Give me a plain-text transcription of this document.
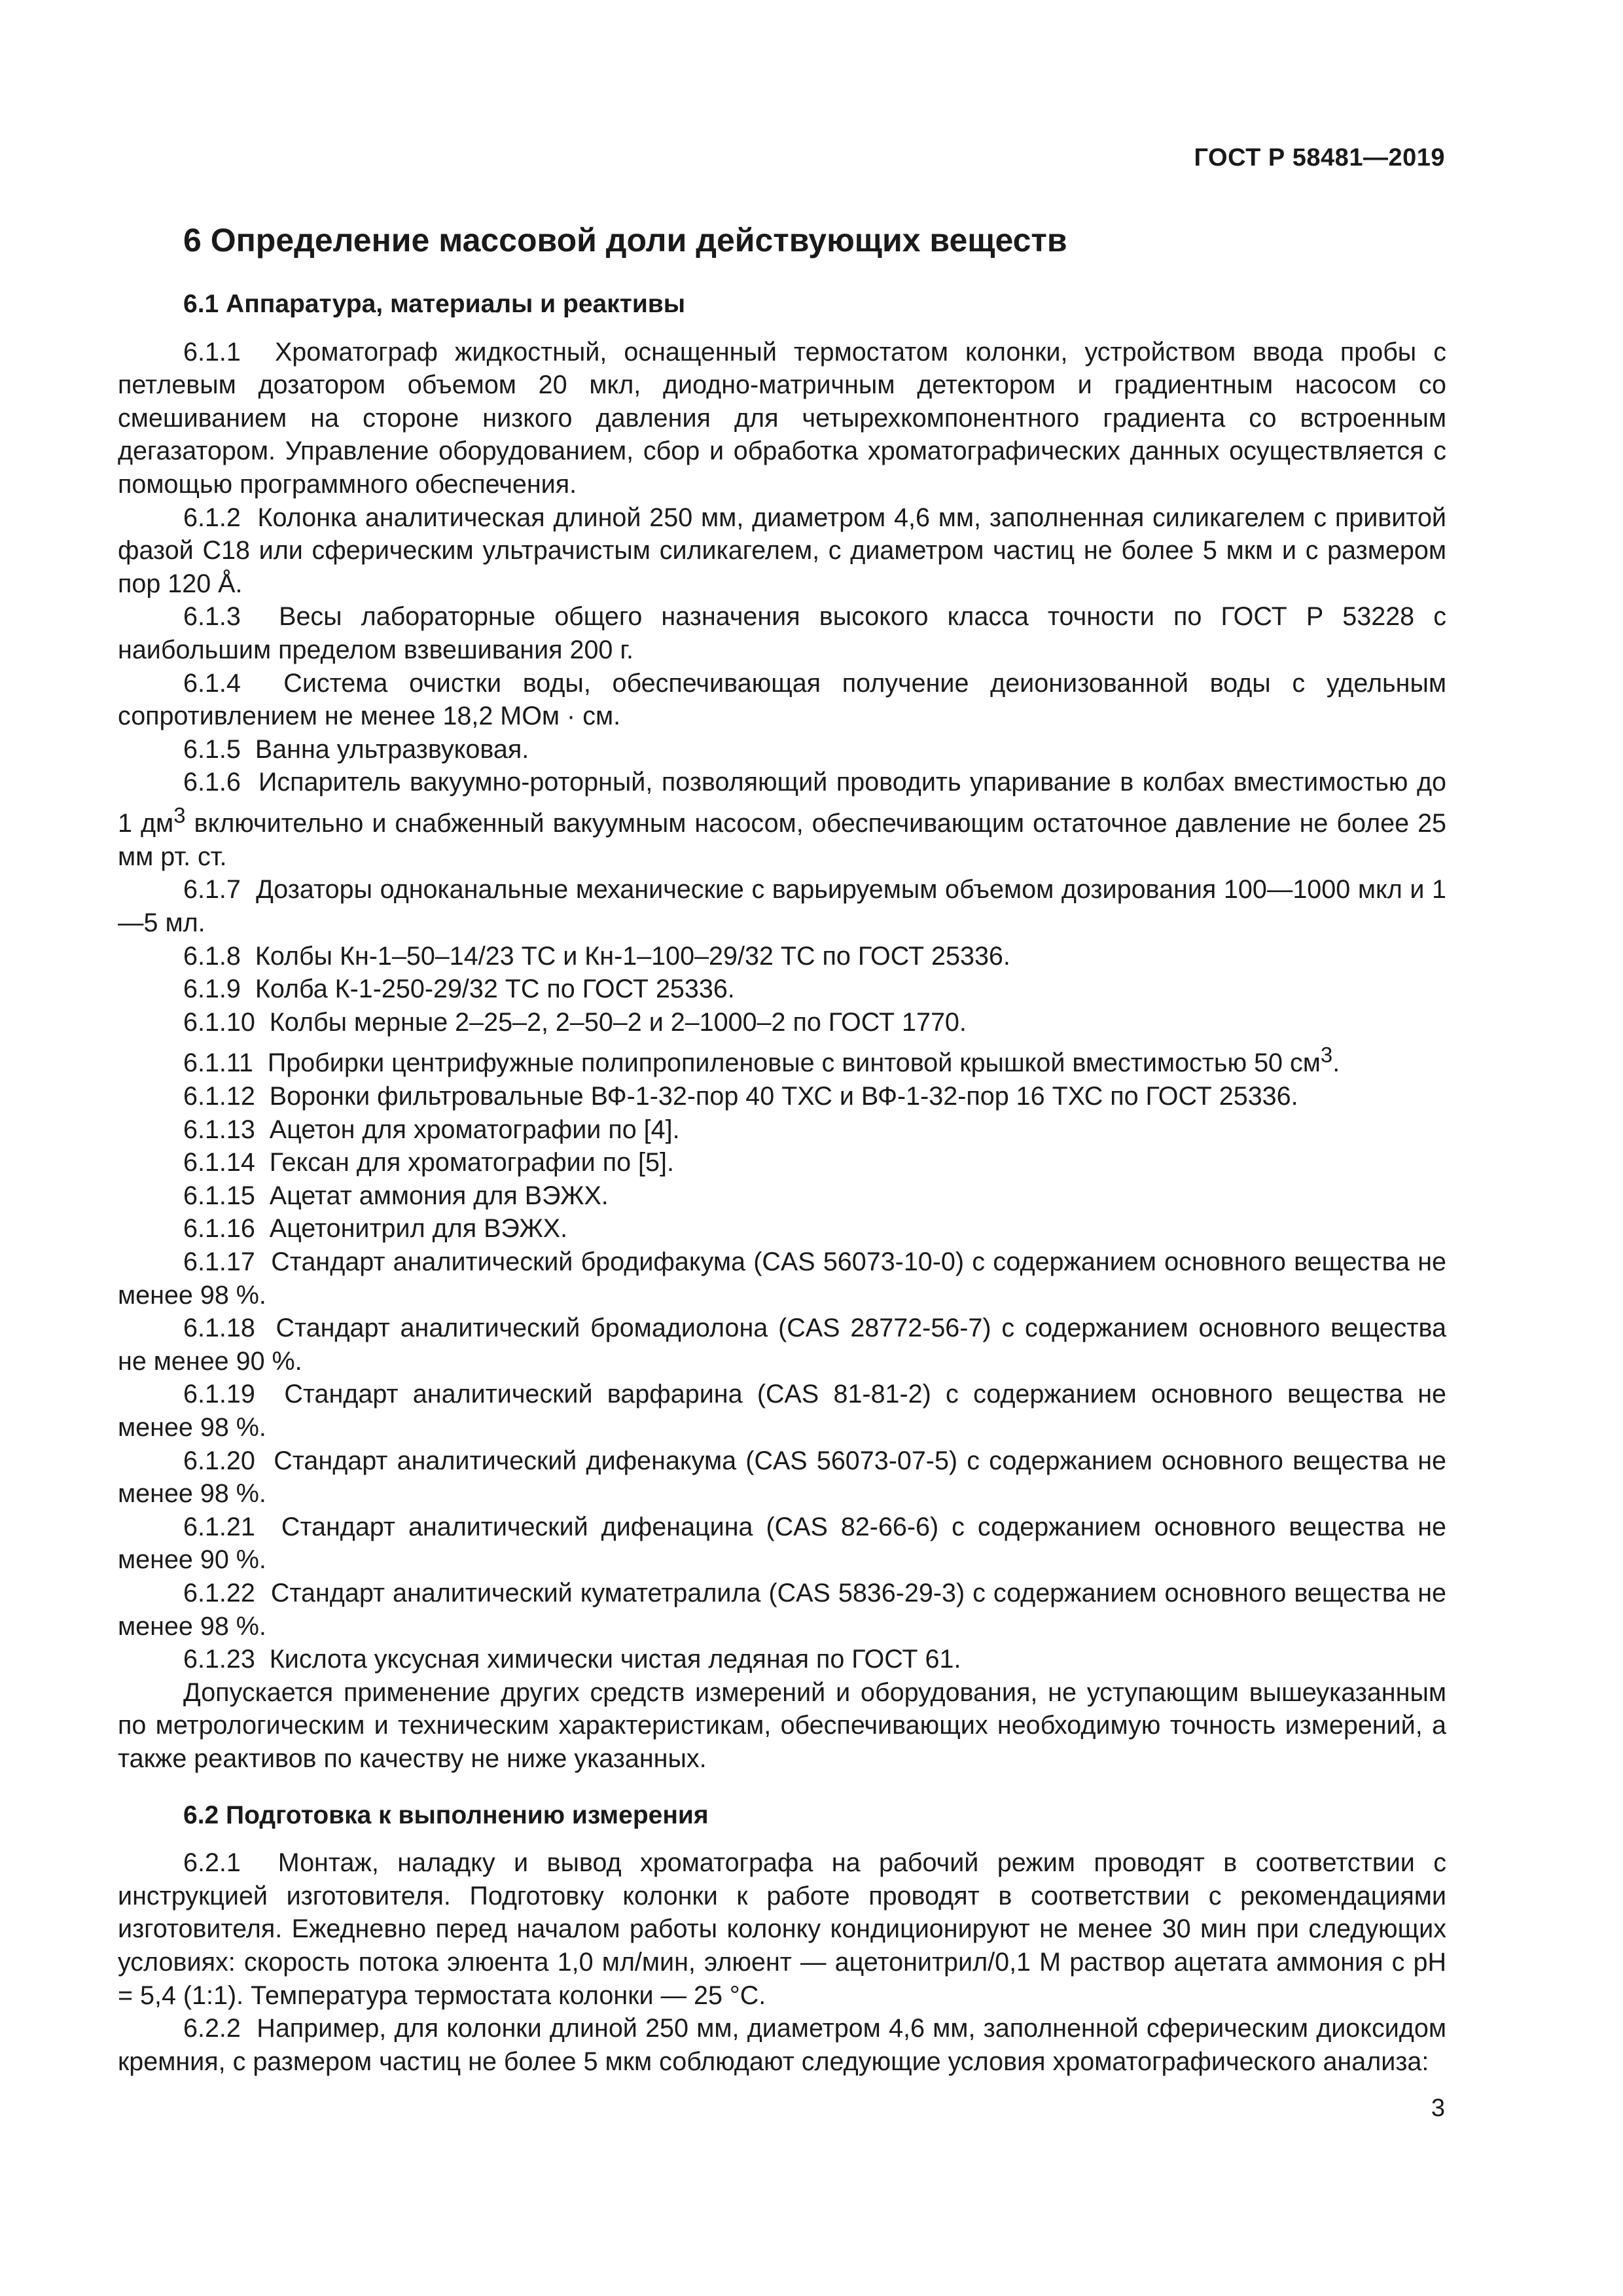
ГОСТ Р 58481—2019
6 Определение массовой доли действующих веществ
6.1 Аппаратура, материалы и реактивы

6.1.1 Хроматограф жидкостный, оснащенный термостатом колонки, устройством ввода пробы с петлевым дозатором объемом 20 мкл, диодно-матричным детектором и градиентным насосом со смешиванием на стороне низкого давления для четырехкомпонентного градиента со встроенным дегазатором. Управление оборудованием, сбор и обработка хроматографических данных осуществляется с помощью программного обеспечения.

6.1.2 Колонка аналитическая длиной 250 мм, диаметром 4,6 мм, заполненная силикагелем с привитой фазой С18 или сферическим ультрачистым силикагелем, с диаметром частиц не более 5 мкм и с размером пор 120 Å.

6.1.3 Весы лабораторные общего назначения высокого класса точности по ГОСТ Р 53228 с наибольшим пределом взвешивания 200 г.

6.1.4 Система очистки воды, обеспечивающая получение деионизованной воды с удельным сопротивлением не менее 18,2 МОм · см.

6.1.5 Ванна ультразвуковая.

6.1.6 Испаритель вакуумно-роторный, позволяющий проводить упаривание в колбах вместимостью до 1 $дм^3$ включительно и снабженный вакуумным насосом, обеспечивающим остаточное давление не более 25 мм рт. ст.

6.1.7 Дозаторы одноканальные механические с варьируемым объемом дозирования 100—1000 мкл и 1—5 мл.

6.1.8 Колбы Кн-1–50–14/23 ТС и Кн-1–100–29/32 ТС по ГОСТ 25336.

6.1.9 Колба К-1-250-29/32 ТС по ГОСТ 25336.

6.1.10 Колбы мерные 2–25–2, 2–50–2 и 2–1000–2 по ГОСТ 1770.

6.1.11 Пробирки центрифужные полипропиленовые с винтовой крышкой вместимостью 50 $см^3$.

6.1.12 Воронки фильтровальные ВФ-1-32-пор 40 ТХС и ВФ-1-32-пор 16 ТХС по ГОСТ 25336.

6.1.13 Ацетон для хроматографии по [4].

6.1.14 Гексан для хроматографии по [5].

6.1.15 Ацетат аммония для ВЭЖХ.

6.1.16 Ацетонитрил для ВЭЖХ.

6.1.17 Стандарт аналитический бродифакума (CAS 56073-10-0) с содержанием основного вещества не менее 98 %.

6.1.18 Стандарт аналитический бромадиолона (CAS 28772-56-7) с содержанием основного вещества не менее 90 %.

6.1.19 Стандарт аналитический варфарина (CAS 81-81-2) с содержанием основного вещества не менее 98 %.

6.1.20 Стандарт аналитический дифенакума (CAS 56073-07-5) с содержанием основного вещества не менее 98 %.

6.1.21 Стандарт аналитический дифенацина (CAS 82-66-6) с содержанием основного вещества не менее 90 %.

6.1.22 Стандарт аналитический куматетралила (CAS 5836-29-3) с содержанием основного вещества не менее 98 %.

6.1.23 Кислота уксусная химически чистая ледяная по ГОСТ 61.

Допускается применение других средств измерений и оборудования, не уступающим вышеуказанным по метрологическим и техническим характеристикам, обеспечивающих необходимую точность измерений, а также реактивов по качеству не ниже указанных.

6.2 Подготовка к выполнению измерения

6.2.1 Монтаж, наладку и вывод хроматографа на рабочий режим проводят в соответствии с инструкцией изготовителя. Подготовку колонки к работе проводят в соответствии с рекомендациями изготовителя. Ежедневно перед началом работы колонку кондиционируют не менее 30 мин при следующих условиях: скорость потока элюента 1,0 мл/мин, элюент — ацетонитрил/0,1 М раствор ацетата аммония с pH = 5,4 (1:1). Температура термостата колонки — 25 °С.

6.2.2 Например, для колонки длиной 250 мм, диаметром 4,6 мм, заполненной сферическим диоксидом кремния, с размером частиц не более 5 мкм соблюдают следующие условия хроматографического анализа:

3
